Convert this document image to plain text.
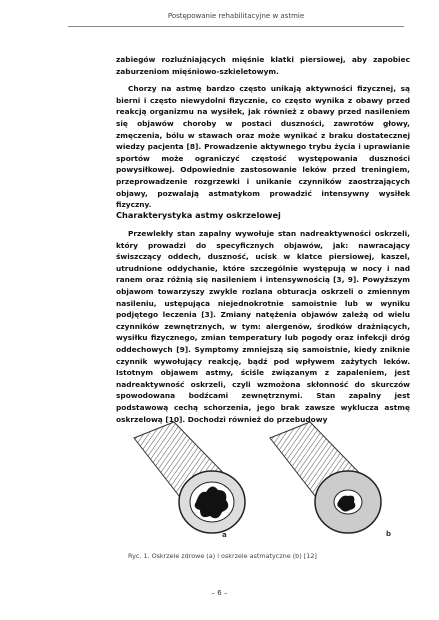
Postępowanie rehabilitacyjne w astmie

zabiegów rozluźniających mięśnie klatki piersiowej, aby zapobiec zaburzeniom mięśniowo-szkieletowym.

Chorzy na astmę bardzo często unikają aktywności fizycznej, są bierni i często niewydolni fizycznie, co często wynika z obawy przed reakcją organizmu na wysiłek, jak również z obawy przed nasileniem się objawów choroby w postaci duszności, zawrotów głowy, zmęczenia, bólu w stawach oraz może wynikać z braku dostatecznej wiedzy pacjenta [8]. Prowadzenie aktywnego trybu życia i uprawianie sportów może ograniczyć częstość występowania duszności powysiłkowej. Odpowiednie zastosowanie leków przed treningiem, przeprowadzenie rozgrzewki i unikanie czynników zaostrzających objawy, pozwalają astmatykom prowadzić intensywny wysiłek fizyczny.

Charakterystyka astmy oskrzelowej

Przewlekły stan zapalny wywołuje stan nadreaktywności oskrzeli, który prowadzi do specyficznych objawów, jak: nawracający świszczący oddech, duszność, ucisk w klatce piersiowej, kaszel, utrudnione oddychanie, które szczególnie występują w nocy i nad ranem oraz różnią się nasileniem i intensywnością [3, 9]. Powyższym objawom towarzyszy zwykle rozlana obturacja oskrzeli o zmiennym nasileniu, ustępująca niejednokrotnie samoistnie lub w wyniku podjętego leczenia [3]. Zmiany natężenia objawów zależą od wielu czynników zewnętrznych, w tym: alergenów, środków drażniących, wysiłku fizycznego, zmian temperatury lub pogody oraz infekcji dróg oddechowych [9]. Symptomy zmniejszą się samoistnie, kiedy zniknie czynnik wywołujący reakcję, bądź pod wpływem zażytych leków. Istotnym objawem astmy, ściśle związanym z zapaleniem, jest nadreaktywność oskrzeli, czyli wzmożona skłonność do skurczów spowodowana bodźcami zewnętrznymi. Stan zapalny jest podstawową cechą schorzenia, jego brak zawsze wyklucza astmę oskrzelową [10]. Dochodzi również do przebudowy

a	b
Ryc. 1. Oskrzele zdrowe (a) i oskrzele astmatyczne (b) [12]
– 6 –
